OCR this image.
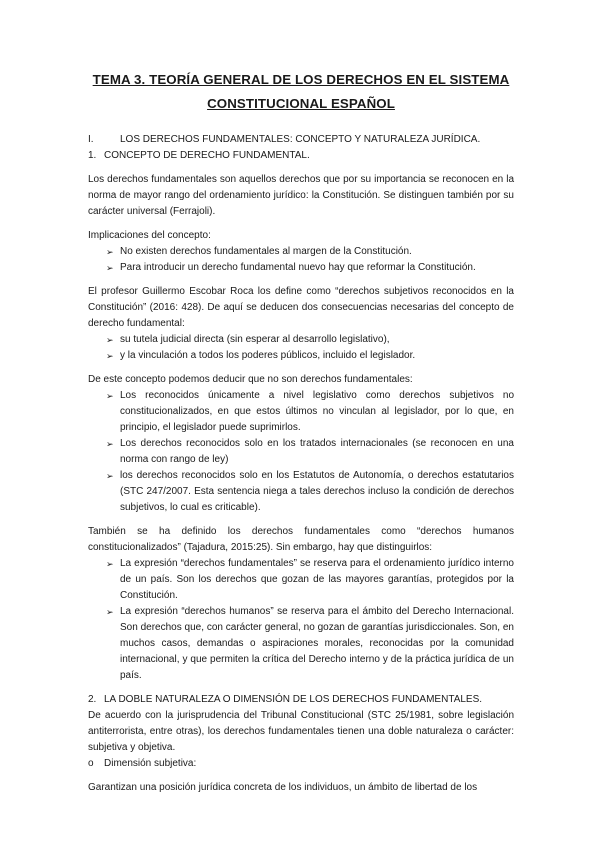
TEMA 3. TEORÍA GENERAL DE LOS DERECHOS EN EL SISTEMA
CONSTITUCIONAL ESPAÑOL
I.	LOS DERECHOS FUNDAMENTALES: CONCEPTO Y NATURALEZA JURÍDICA.
1. CONCEPTO DE DERECHO FUNDAMENTAL.

Los derechos fundamentales son aquellos derechos que por su importancia se reconocen en la norma de mayor rango del ordenamiento jurídico: la Constitución. Se distinguen también por su carácter universal (Ferrajoli).

Implicaciones del concepto:

➢ No existen derechos fundamentales al margen de la Constitución.
➢ Para introducir un derecho fundamental nuevo hay que reformar la Constitución.

El profesor Guillermo Escobar Roca los define como “derechos subjetivos reconocidos en la Constitución” (2016: 428). De aquí se deducen dos consecuencias necesarias del concepto de derecho fundamental:

➢ su tutela judicial directa (sin esperar al desarrollo legislativo),
➢ y la vinculación a todos los poderes públicos, incluido el legislador.

De este concepto podemos deducir que no son derechos fundamentales:

➢ Los reconocidos únicamente a nivel legislativo como derechos subjetivos no constitucionalizados, en que estos últimos no vinculan al legislador, por lo que, en principio, el legislador puede suprimirlos.
➢ Los derechos reconocidos solo en los tratados internacionales (se reconocen en una norma con rango de ley)
➢ los derechos reconocidos solo en los Estatutos de Autonomía, o derechos estatutarios (STC 247/2007. Esta sentencia niega a tales derechos incluso la condición de derechos subjetivos, lo cual es criticable).

También se ha definido los derechos fundamentales como “derechos humanos constitucionalizados” (Tajadura, 2015:25). Sin embargo, hay que distinguirlos:

➢ La expresión “derechos fundamentales” se reserva para el ordenamiento jurídico interno de un país. Son los derechos que gozan de las mayores garantías, protegidos por la Constitución.
➢ La expresión “derechos humanos” se reserva para el ámbito del Derecho Internacional. Son derechos que, con carácter general, no gozan de garantías jurisdiccionales. Son, en muchos casos, demandas o aspiraciones morales, reconocidas por la comunidad internacional, y que permiten la crítica del Derecho interno y de la práctica jurídica de un país.
2. LA DOBLE NATURALEZA O DIMENSIÓN DE LOS DERECHOS FUNDAMENTALES.

De acuerdo con la jurisprudencia del Tribunal Constitucional (STC 25/1981, sobre legislación antiterrorista, entre otras), los derechos fundamentales tienen una doble naturaleza o carácter: subjetiva y objetiva.

o	Dimensión subjetiva:

Garantizan una posición jurídica concreta de los individuos, un ámbito de libertad de los
